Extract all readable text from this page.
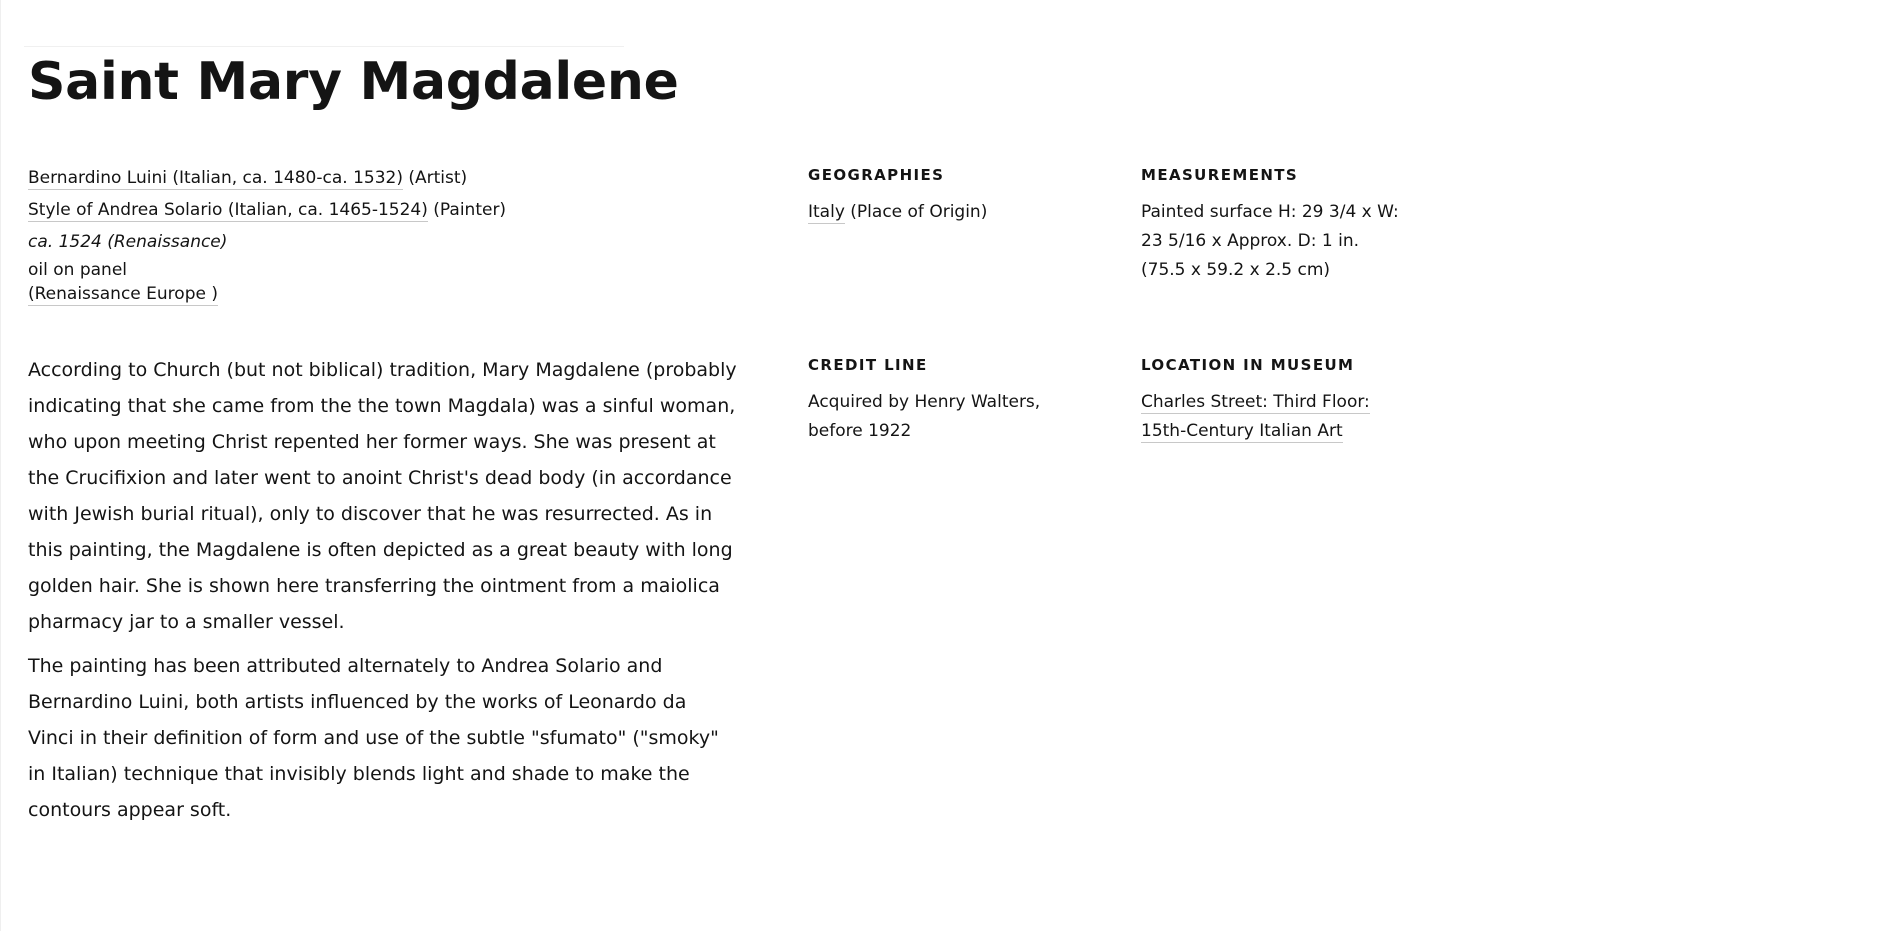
Saint Mary Magdalene
Bernardino Luini (Italian, ca. 1480-ca. 1532) (Artist)
Style of Andrea Solario (Italian, ca. 1465-1524) (Painter)
ca. 1524 (Renaissance)
oil on panel
(Renaissance Europe )

According to Church (but not biblical) tradition, Mary Magdalene (probably indicating that she came from the the town Magdala) was a sinful woman, who upon meeting Christ repented her former ways. She was present at the Crucifixion and later went to anoint Christ's dead body (in accordance with Jewish burial ritual), only to discover that he was resurrected. As in this painting, the Magdalene is often depicted as a great beauty with long golden hair. She is shown here transferring the ointment from a maiolica pharmacy jar to a smaller vessel.

The painting has been attributed alternately to Andrea Solario and Bernardino Luini, both artists influenced by the works of Leonardo da Vinci in their definition of form and use of the subtle "sfumato" ("smoky" in Italian) technique that invisibly blends light and shade to make the contours appear soft.

GEOGRAPHIES
Italy (Place of Origin)
MEASUREMENTS
Painted surface H: 29 3/4 x W: 23 5/16 x Approx. D: 1 in. (75.5 x 59.2 x 2.5 cm)
CREDIT LINE
Acquired by Henry Walters, before 1922
LOCATION IN MUSEUM
Charles Street: Third Floor:
15th-Century Italian Art
